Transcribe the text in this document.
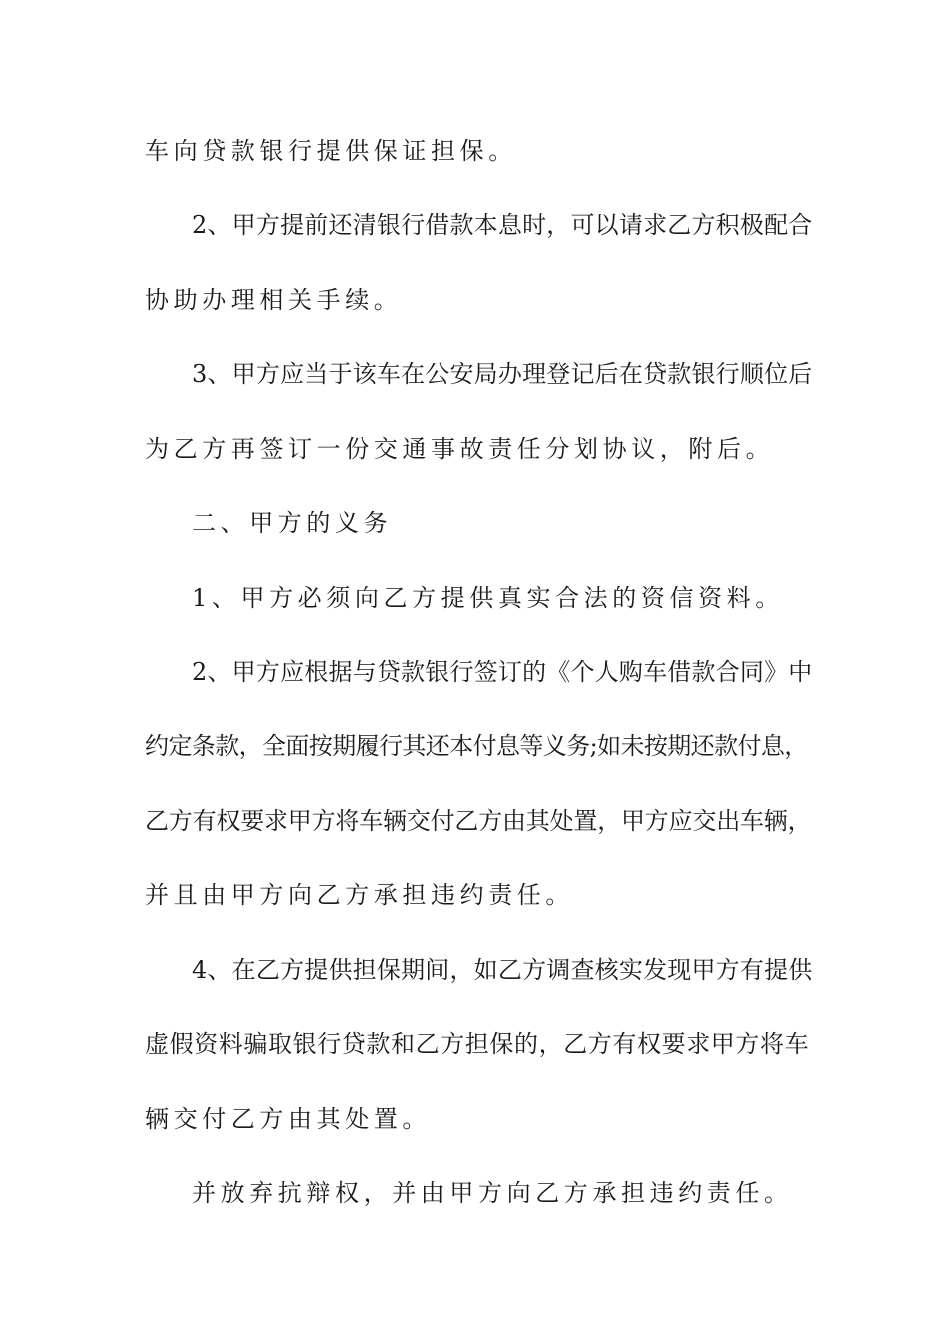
车向贷款银行提供保证担保。
2、甲方提前还清银行借款本息时，可以请求乙方积极配合
协助办理相关手续。
3、甲方应当于该车在公安局办理登记后在贷款银行顺位后
为乙方再签订一份交通事故责任分划协议，附后。
二、甲方的义务
1、甲方必须向乙方提供真实合法的资信资料。
2、甲方应根据与贷款银行签订的《个人购车借款合同》中
约定条款，全面按期履行其还本付息等义务;如未按期还款付息，
乙方有权要求甲方将车辆交付乙方由其处置，甲方应交出车辆，
并且由甲方向乙方承担违约责任。
4、在乙方提供担保期间，如乙方调查核实发现甲方有提供
虚假资料骗取银行贷款和乙方担保的，乙方有权要求甲方将车
辆交付乙方由其处置。
并放弃抗辩权，并由甲方向乙方承担违约责任。
